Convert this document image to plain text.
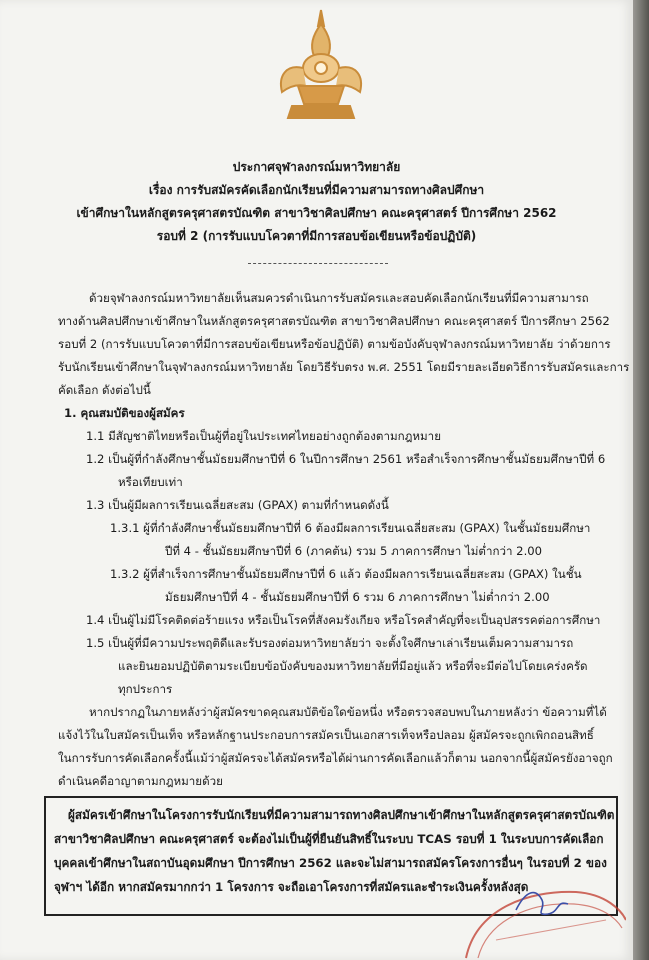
ประกาศจุฬาลงกรณ์มหาวิทยาลัย
เรื่อง การรับสมัครคัดเลือกนักเรียนที่มีความสามารถทางศิลปศึกษา
เข้าศึกษาในหลักสูตรครุศาสตรบัณฑิต สาขาวิชาศิลปศึกษา คณะครุศาสตร์ ปีการศึกษา 2562
รอบที่ 2 (การรับแบบโควตาที่มีการสอบข้อเขียนหรือข้อปฏิบัติ)
ด้วยจุฬาลงกรณ์มหาวิทยาลัยเห็นสมควรดำเนินการรับสมัครและสอบคัดเลือกนักเรียนที่มีความสามารถ
ทางด้านศิลปศึกษาเข้าศึกษาในหลักสูตรครุศาสตรบัณฑิต สาขาวิชาศิลปศึกษา คณะครุศาสตร์ ปีการศึกษา 2562
รอบที่ 2 (การรับแบบโควตาที่มีการสอบข้อเขียนหรือข้อปฏิบัติ) ตามข้อบังคับจุฬาลงกรณ์มหาวิทยาลัย ว่าด้วยการ
รับนักเรียนเข้าศึกษาในจุฬาลงกรณ์มหาวิทยาลัย โดยวิธีรับตรง พ.ศ. 2551 โดยมีรายละเอียดวิธีการรับสมัครและการ
คัดเลือก ดังต่อไปนี้
1. คุณสมบัติของผู้สมัคร
1.1 มีสัญชาติไทยหรือเป็นผู้ที่อยู่ในประเทศไทยอย่างถูกต้องตามกฎหมาย
1.2 เป็นผู้ที่กำลังศึกษาชั้นมัธยมศึกษาปีที่ 6 ในปีการศึกษา 2561 หรือสำเร็จการศึกษาชั้นมัธยมศึกษาปีที่ 6
หรือเทียบเท่า
1.3 เป็นผู้มีผลการเรียนเฉลี่ยสะสม (GPAX) ตามที่กำหนดดังนี้
1.3.1 ผู้ที่กำลังศึกษาชั้นมัธยมศึกษาปีที่ 6 ต้องมีผลการเรียนเฉลี่ยสะสม (GPAX) ในชั้นมัธยมศึกษา
ปีที่ 4 - ชั้นมัธยมศึกษาปีที่ 6 (ภาคต้น) รวม 5 ภาคการศึกษา ไม่ต่ำกว่า 2.00
1.3.2 ผู้ที่สำเร็จการศึกษาชั้นมัธยมศึกษาปีที่ 6 แล้ว ต้องมีผลการเรียนเฉลี่ยสะสม (GPAX) ในชั้น
มัธยมศึกษาปีที่ 4 - ชั้นมัธยมศึกษาปีที่ 6 รวม 6 ภาคการศึกษา ไม่ต่ำกว่า 2.00
1.4 เป็นผู้ไม่มีโรคติดต่อร้ายแรง หรือเป็นโรคที่สังคมรังเกียจ หรือโรคสำคัญที่จะเป็นอุปสรรคต่อการศึกษา
1.5 เป็นผู้ที่มีความประพฤติดีและรับรองต่อมหาวิทยาลัยว่า จะตั้งใจศึกษาเล่าเรียนเต็มความสามารถ
และยินยอมปฏิบัติตามระเบียบข้อบังคับของมหาวิทยาลัยที่มีอยู่แล้ว หรือที่จะมีต่อไปโดยเคร่งครัด
ทุกประการ
หากปรากฏในภายหลังว่าผู้สมัครขาดคุณสมบัติข้อใดข้อหนึ่ง หรือตรวจสอบพบในภายหลังว่า ข้อความที่ได้
แจ้งไว้ในใบสมัครเป็นเท็จ หรือหลักฐานประกอบการสมัครเป็นเอกสารเท็จหรือปลอม ผู้สมัครจะถูกเพิกถอนสิทธิ์
ในการรับการคัดเลือกครั้งนี้แม้ว่าผู้สมัครจะได้สมัครหรือได้ผ่านการคัดเลือกแล้วก็ตาม นอกจากนี้ผู้สมัครยังอาจถูก
ดำเนินคดีอาญาตามกฎหมายด้วย
ผู้สมัครเข้าศึกษาในโครงการรับนักเรียนที่มีความสามารถทางศิลปศึกษาเข้าศึกษาในหลักสูตรครุศาสตรบัณฑิต
สาขาวิชาศิลปศึกษา คณะครุศาสตร์ จะต้องไม่เป็นผู้ที่ยืนยันสิทธิ์ในระบบ TCAS รอบที่ 1 ในระบบการคัดเลือก
บุคคลเข้าศึกษาในสถาบันอุดมศึกษา ปีการศึกษา 2562 และจะไม่สามารถสมัครโครงการอื่นๆ ในรอบที่ 2 ของ
จุฬาฯ ได้อีก หากสมัครมากกว่า 1 โครงการ จะถือเอาโครงการที่สมัครและชำระเงินครั้งหลังสุด
